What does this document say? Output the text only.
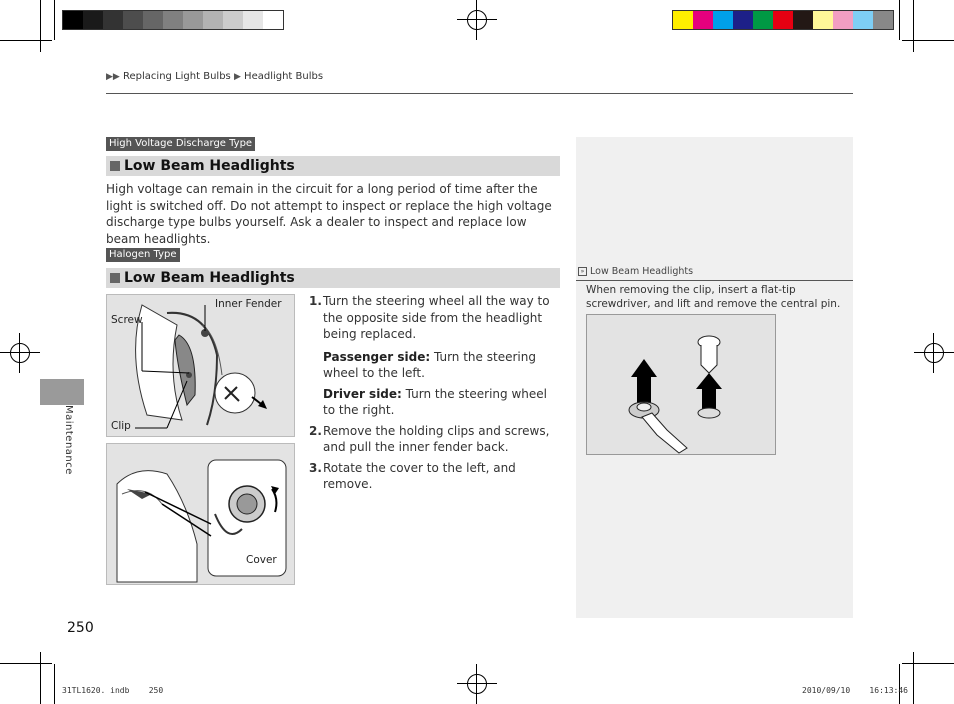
▶▶ Replacing Light Bulbs ▶ Headlight Bulbs
High Voltage Discharge Type
Low Beam Headlights
High voltage can remain in the circuit for a long period of time after the light is switched off. Do not attempt to inspect or replace the high voltage discharge type bulbs yourself. Ask a dealer to inspect and replace low beam headlights.
Halogen Type
Low Beam Headlights
Inner Fender
Screw
Clip
Cover
1. Turn the steering wheel all the way to the opposite side from the headlight being replaced.
Passenger side: Turn the steering wheel to the left.
Driver side: Turn the steering wheel to the right.
2. Remove the holding clips and screws, and pull the inner fender back.
3. Rotate the cover to the left, and remove.
» Low Beam Headlights
When removing the clip, insert a flat-tip screwdriver, and lift and remove the central pin.
Maintenance
250
31TL1620. indb    250	2010/09/10    16:13:46
